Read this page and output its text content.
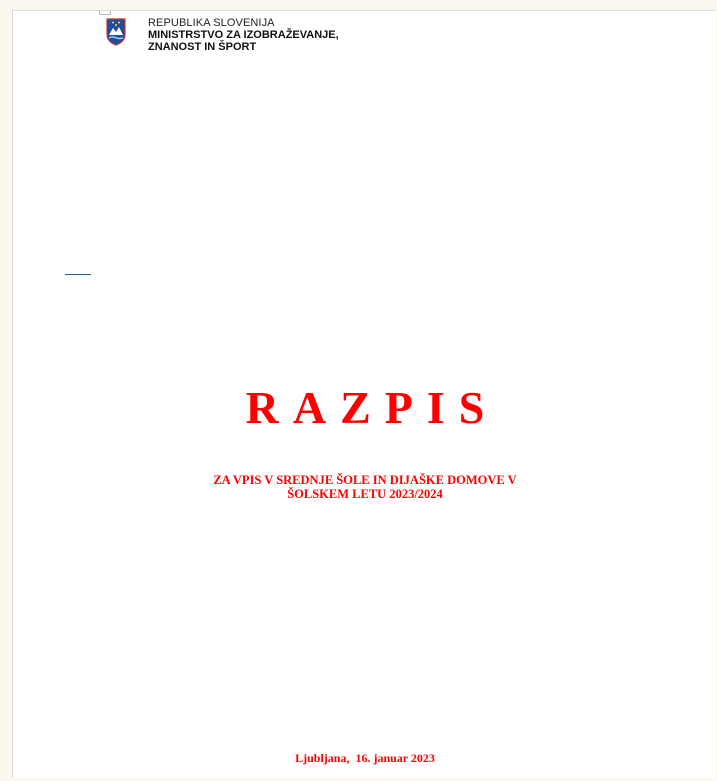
REPUBLIKA SLOVENIJA
MINISTRSTVO ZA IZOBRAŽEVANJE,
ZNANOST IN ŠPORT
RAZPIS
ZA VPIS V SREDNJE ŠOLE IN DIJAŠKE DOMOVE V
ŠOLSKEM LETU 2023/2024
Ljubljana,  16. januar 2023
